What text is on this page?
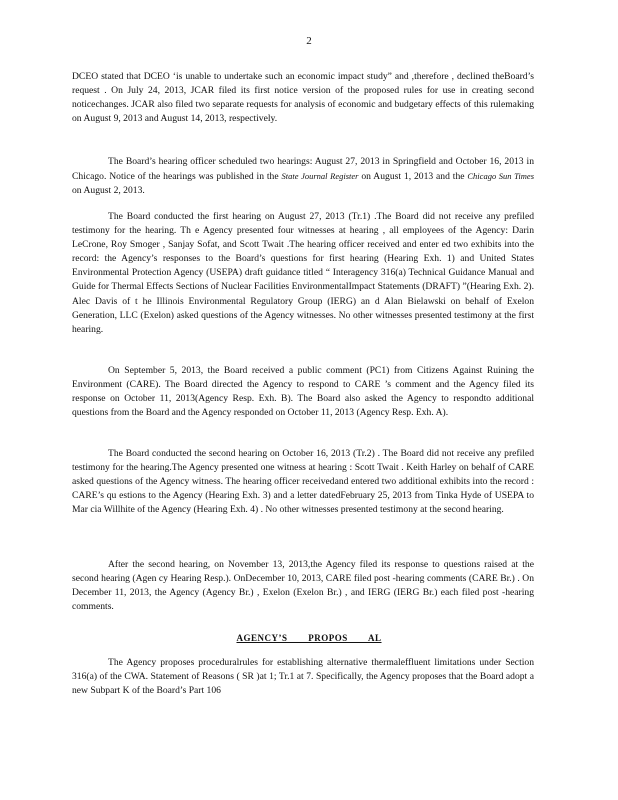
2

DCEO stated that DCEO ‘is unable to undertake such an economic impact study” and ,therefore , declined theBoard’s request . On July 24, 2013, JCAR filed its first notice version of the proposed rules for use in creating second noticechanges. JCAR also filed two separate requests for analysis of economic and budgetary effects of this rulemaking on August 9, 2013 and August 14, 2013, respectively.

The Board’s hearing officer scheduled two hearings: August 27, 2013 in Springfield and October 16, 2013 in Chicago. Notice of the hearings was published in the State Journal Register on August 1, 2013 and the Chicago Sun Times on August 2, 2013.

The Board conducted the first hearing on August 27, 2013 (Tr.1) .The Board did not receive any prefiled testimony for the hearing. Th e Agency presented four witnesses at hearing , all employees of the Agency: Darin LeCrone, Roy Smoger , Sanjay Sofat, and Scott Twait .The hearing officer received and enter ed two exhibits into the record: the Agency’s responses to the Board’s questions for first hearing (Hearing Exh. 1) and United States Environmental Protection Agency (USEPA) draft guidance titled “ Interagency 316(a) Technical Guidance Manual and Guide for Thermal Effects Sections of Nuclear Facilities EnvironmentalImpact Statements (DRAFT) ”(Hearing Exh. 2). Alec Davis of t he Illinois Environmental Regulatory Group (IERG) an d Alan Bielawski on behalf of Exelon Generation, LLC (Exelon) asked questions of the Agency witnesses. No other witnesses presented testimony at the first hearing.

On September 5, 2013, the Board received a public comment (PC1) from Citizens Against Ruining the Environment (CARE). The Board directed the Agency to respond to CARE ’s comment and the Agency filed its response on October 11, 2013(Agency Resp. Exh. B). The Board also asked the Agency to respondto additional questions from the Board and the Agency responded on October 11, 2013 (Agency Resp. Exh. A).

The Board conducted the second hearing on October 16, 2013 (Tr.2) . The Board did not receive any prefiled testimony for the hearing.The Agency presented one witness at hearing : Scott Twait . Keith Harley on behalf of CARE asked questions of the Agency witness. The hearing officer receivedand entered two additional exhibits into the record : CARE’s qu estions to the Agency (Hearing Exh. 3) and a letter datedFebruary 25, 2013 from Tinka Hyde of USEPA to Mar cia Willhite of the Agency (Hearing Exh. 4) . No other witnesses presented testimony at the second hearing.

After the second hearing, on November 13, 2013,the Agency filed its response to questions raised at the second hearing (Agen cy Hearing Resp.). OnDecember 10, 2013, CARE filed post -hearing comments (CARE Br.) . On December 11, 2013, the Agency (Agency Br.) , Exelon (Exelon Br.) , and IERG (IERG Br.) each filed post -hearing comments.

AGENCY’S PROPOS AL

The Agency proposes proceduralrules for establishing alternative thermaleffluent limitations under Section 316(a) of the CWA. Statement of Reasons ( SR )at 1; Tr.1 at 7. Specifically, the Agency proposes that the Board adopt a new Subpart K of the Board’s Part 106
